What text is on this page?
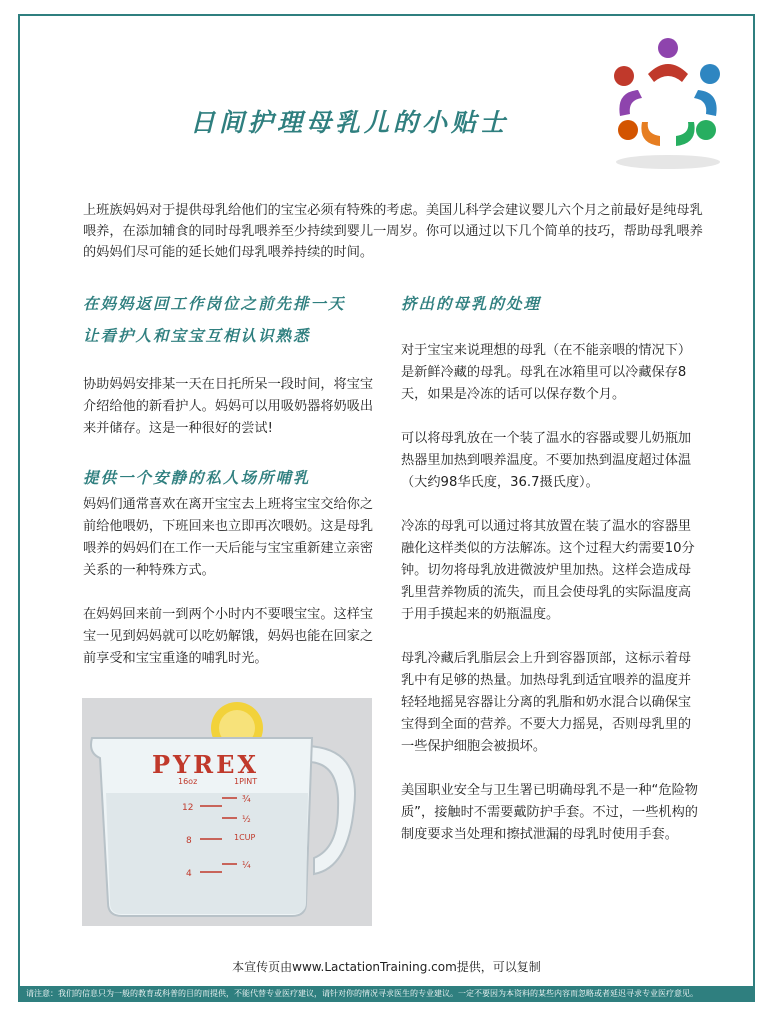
日间护理母乳儿的小贴士
上班族妈妈对于提供母乳给他们的宝宝必须有特殊的考虑。美国儿科学会建议婴儿六个月之前最好是纯母乳喂养，在添加辅食的同时母乳喂养至少持续到婴儿一周岁。你可以通过以下几个简单的技巧，帮助母乳喂养的妈妈们尽可能的延长她们母乳喂养持续的时间。

在妈妈返回工作岗位之前先排一天

让看护人和宝宝互相认识熟悉

协助妈妈安排某一天在日托所呆一段时间，将宝宝介绍给他的新看护人。妈妈可以用吸奶器将奶吸出来并储存。这是一种很好的尝试!

提供一个安静的私人场所哺乳

妈妈们通常喜欢在离开宝宝去上班将宝宝交给你之前给他喂奶，下班回来也立即再次喂奶。这是母乳喂养的妈妈们在工作一天后能与宝宝重新建立亲密关系的一种特殊方式。

在妈妈回来前一到两个小时内不要喂宝宝。这样宝宝一见到妈妈就可以吃奶解饿，妈妈也能在回家之前享受和宝宝重逢的哺乳时光。

挤出的母乳的处理

对于宝宝来说理想的母乳（在不能亲喂的情况下）是新鲜冷藏的母乳。母乳在冰箱里可以冷藏保存8天，如果是冷冻的话可以保存数个月。

可以将母乳放在一个装了温水的容器或婴儿奶瓶加热器里加热到喂养温度。不要加热到温度超过体温（大约98华氏度，36.7摄氏度）。

冷冻的母乳可以通过将其放置在装了温水的容器里融化这样类似的方法解冻。这个过程大约需要10分钟。切勿将母乳放进微波炉里加热。这样会造成母乳里营养物质的流失，而且会使母乳的实际温度高于用手摸起来的奶瓶温度。

母乳冷藏后乳脂层会上升到容器顶部，这标示着母乳中有足够的热量。加热母乳到适宜喂养的温度并轻轻地摇晃容器让分离的乳脂和奶水混合以确保宝宝得到全面的营养。不要大力摇晃，否则母乳里的一些保护细胞会被损坏。

美国职业安全与卫生署已明确母乳不是一种“危险物质”，接触时不需要戴防护手套。不过，一些机构的制度要求当处理和擦拭泄漏的母乳时使用手套。

PYREX
16oz	1PINT
12
8
4
1CUP
¾
½
¼
本宣传页由www.LactationTraining.com提供，可以复制
请注意：我们的信息只为一般的教育或科普的目的而提供，不能代替专业医疗建议，请针对你的情况寻求医生的专业建议。一定不要因为本资料的某些内容而忽略或者延迟寻求专业医疗意见。
